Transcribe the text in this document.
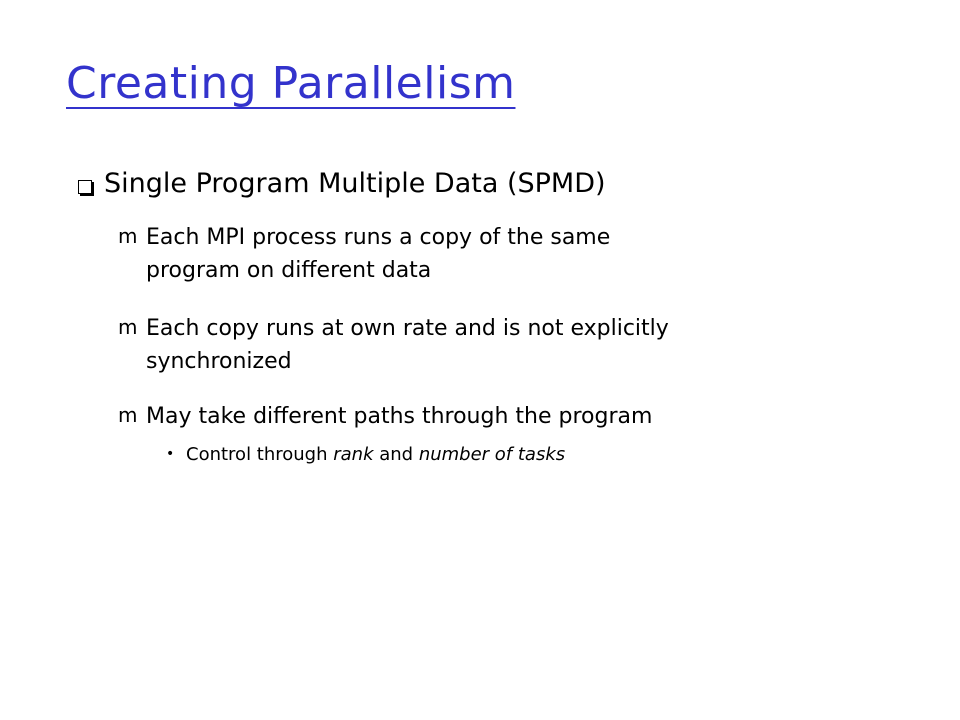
Creating Parallelism
Single Program Multiple Data (SPMD)
m Each MPI process runs a copy of the same
program on different data
m Each copy runs at own rate and is not explicitly
synchronized
m May take different paths through the program
• Control through rank and number of tasks
